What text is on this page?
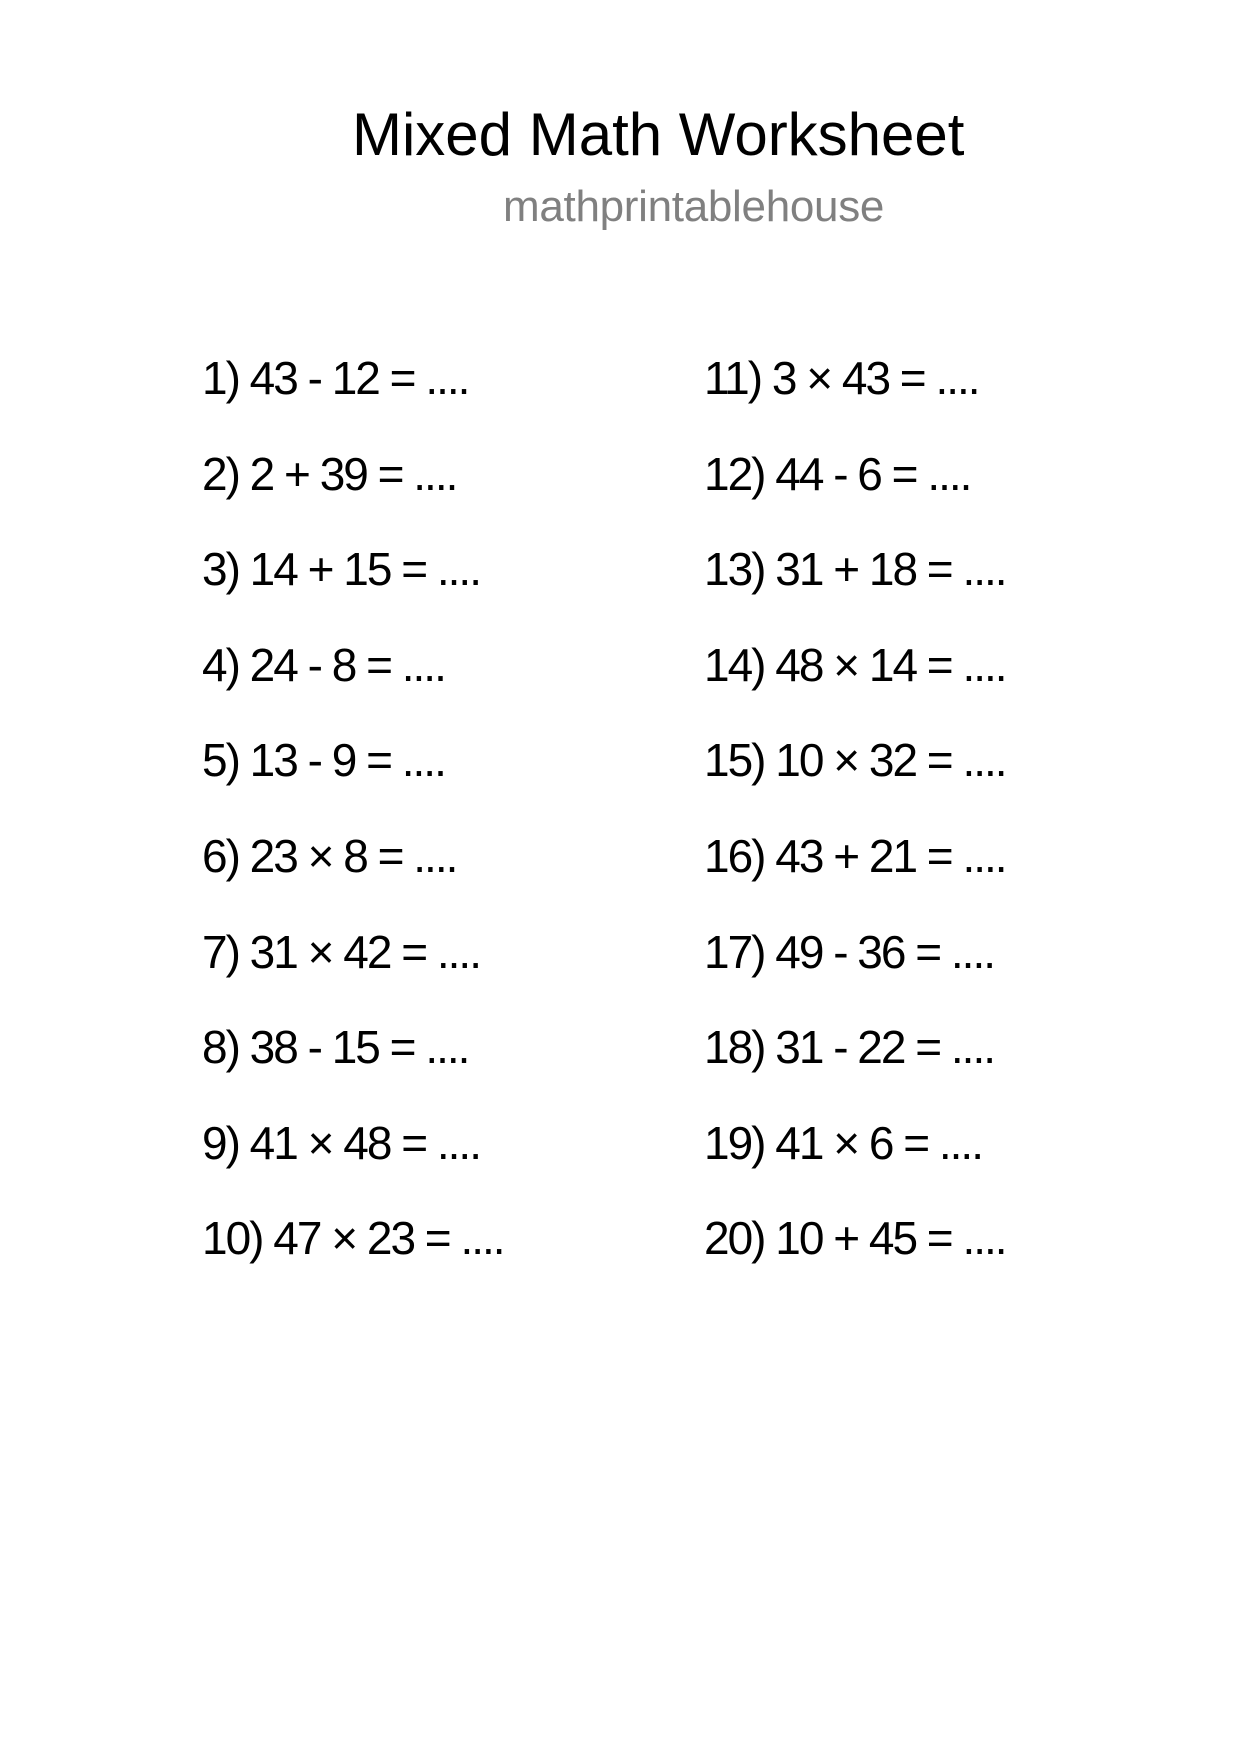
Mixed Math Worksheet
mathprintablehouse
1) 43 - 12 = ....
2) 2 + 39 = ....
3) 14 + 15 = ....
4) 24 - 8 = ....
5) 13 - 9 = ....
6) 23 × 8 = ....
7) 31 × 42 = ....
8) 38 - 15 = ....
9) 41 × 48 = ....
10) 47 × 23 = ....
11) 3 × 43 = ....
12) 44 - 6 = ....
13) 31 + 18 = ....
14) 48 × 14 = ....
15) 10 × 32 = ....
16) 43 + 21 = ....
17) 49 - 36 = ....
18) 31 - 22 = ....
19) 41 × 6 = ....
20) 10 + 45 = ....
